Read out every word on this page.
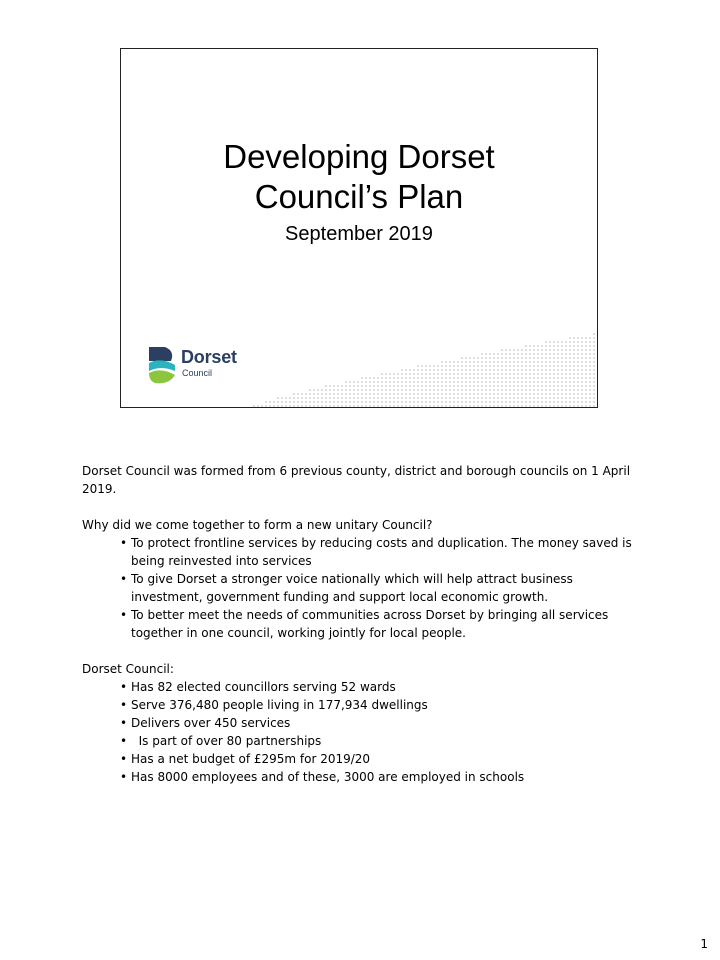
Developing Dorset
Council’s Plan
September 2019
Dorset
Council

Dorset Council was formed from 6 previous county, district and borough councils on 1 April 2019.

Why did we come together to form a new unitary Council?

• To protect frontline services by reducing costs and duplication. The money saved is being reinvested into services
• To give Dorset a stronger voice nationally which will help attract business investment, government funding and support local economic growth.
• To better meet the needs of communities across Dorset by bringing all services together in one council, working jointly for local people.

Dorset Council:

• Has 82 elected councillors serving 52 wards
• Serve 376,480 people living in 177,934 dwellings
• Delivers over 450 services
•   Is part of over 80 partnerships
• Has a net budget of £295m for 2019/20
• Has 8000 employees and of these, 3000 are employed in schools
1
